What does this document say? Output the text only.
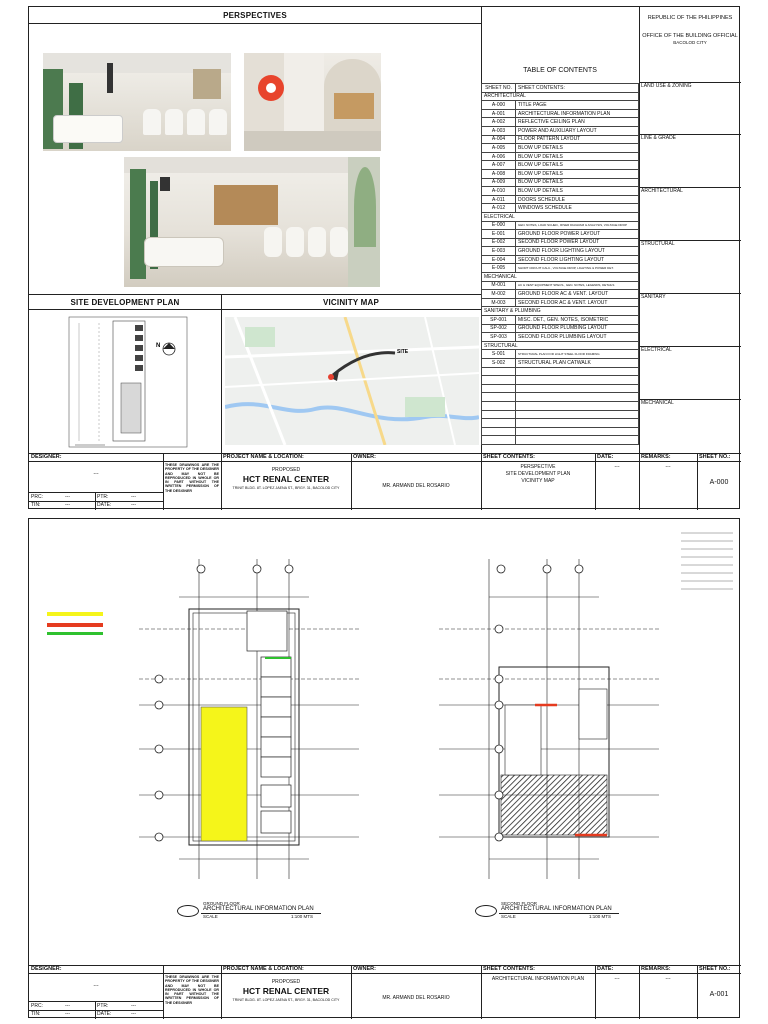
PERSPECTIVES
SITE DEVELOPMENT PLAN
N
VICINITY MAP
SITE
REPUBLIC OF THE PHILIPPINES
OFFICE OF THE BUILDING OFFICIAL
BACOLOD CITY
TABLE OF CONTENTS
SHEET NO.	SHEET CONTENTS:
ARCHITECTURAL	
A-000	TITLE PAGE
A-001	ARCHITECTURAL INFORMATION PLAN
A-002	REFLECTIVE CEILING PLAN
A-003	POWER AND AUXILIARY LAYOUT
A-004	FLOOR PATTERN LAYOUT
A-005	BLOW UP DETAILS
A-006	BLOW UP DETAILS
A-007	BLOW UP DETAILS
A-008	BLOW UP DETAILS
A-009	BLOW UP DETAILS
A-010	BLOW UP DETAILS
A-011	DOORS SCHEDULE
A-012	WINDOWS SCHEDULE
ELECTRICAL	
E-000	GEN. NOTES, LOAD SCHED., RISER DIAGRAM & ANALYSIS, VOLTAGE DROP
E-001	GROUND FLOOR POWER LAYOUT
E-002	SECOND FLOOR POWER LAYOUT
E-003	GROUND FLOOR LIGHTING LAYOUT
E-004	SECOND FLOOR LIGHTING LAYOUT
E-005	SHORT CIRCUIT CALC., VOLTAGE DROP, LIGHTING & POWER DET.
MECHANICAL	
M-001	AC & VENT EQUIPMENT SPECS., GEN. NOTES, LEGENDS, DETAILS
M-002	GROUND FLOOR AC & VENT. LAYOUT
M-003	SECOND FLOOR AC & VENT. LAYOUT
SANITARY & PLUMBING	
SP-001	MISC. DET., GEN. NOTES, ISOMETRIC
SP-002	GROUND FLOOR PLUMBING LAYOUT
SP-003	SECOND FLOOR PLUMBING LAYOUT
STRUCTURAL	
S-001	STRUCTURAL PLAN FOR LIGHT STEEL FLOOR FRAMING
S-002	STRUCTURAL PLAN CATWALK

LAND USE & ZONING
LINE & GRADE
ARCHITECTURAL
STRUCTURAL
SANITARY
ELECTRICAL
MECHANICAL
DESIGNER:
---
THESE DRAWINGS ARE THE PROPERTY OF THE DESIGNER AND MAY NOT BE REPRODUCED IN WHOLE OR IN PART WITHOUT THE WRITTEN PERMISSION OF THE DESIGNER
PRC:	---	PTR:	---
TIN:	---	DATE:	---
PROJECT NAME & LOCATION:
PROPOSED
HCT RENAL CENTER
TRINIT BLDG. 8T. LOPEZ JAENA ST., BRGY. 31, BACOLOD CITY
OWNER:
MR. ARMAND DEL ROSARIO
SHEET CONTENTS:
PERSPECTIVE
SITE DEVELOPMENT PLAN
VICINITY MAP
DATE:
---
REMARKS:
---
SHEET NO.:
A-000
GROUND FLOOR
ARCHITECTURAL INFORMATION PLAN
SCALE	1:100 MTS
SECOND FLOOR
ARCHITECTURAL INFORMATION PLAN
SCALE	1:100 MTS
DESIGNER:
---
THESE DRAWINGS ARE THE PROPERTY OF THE DESIGNER AND MAY NOT BE REPRODUCED IN WHOLE OR IN PART WITHOUT THE WRITTEN PERMISSION OF THE DESIGNER
PRC:	---	PTR:	---
TIN:	---	DATE:	---
PROJECT NAME & LOCATION:
PROPOSED
HCT RENAL CENTER
TRINIT BLDG. 8T. LOPEZ JAENA ST., BRGY. 31, BACOLOD CITY
OWNER:
MR. ARMAND DEL ROSARIO
SHEET CONTENTS:
ARCHITECTURAL INFORMATION PLAN
DATE:
---
REMARKS:
---
SHEET NO.:
A-001
